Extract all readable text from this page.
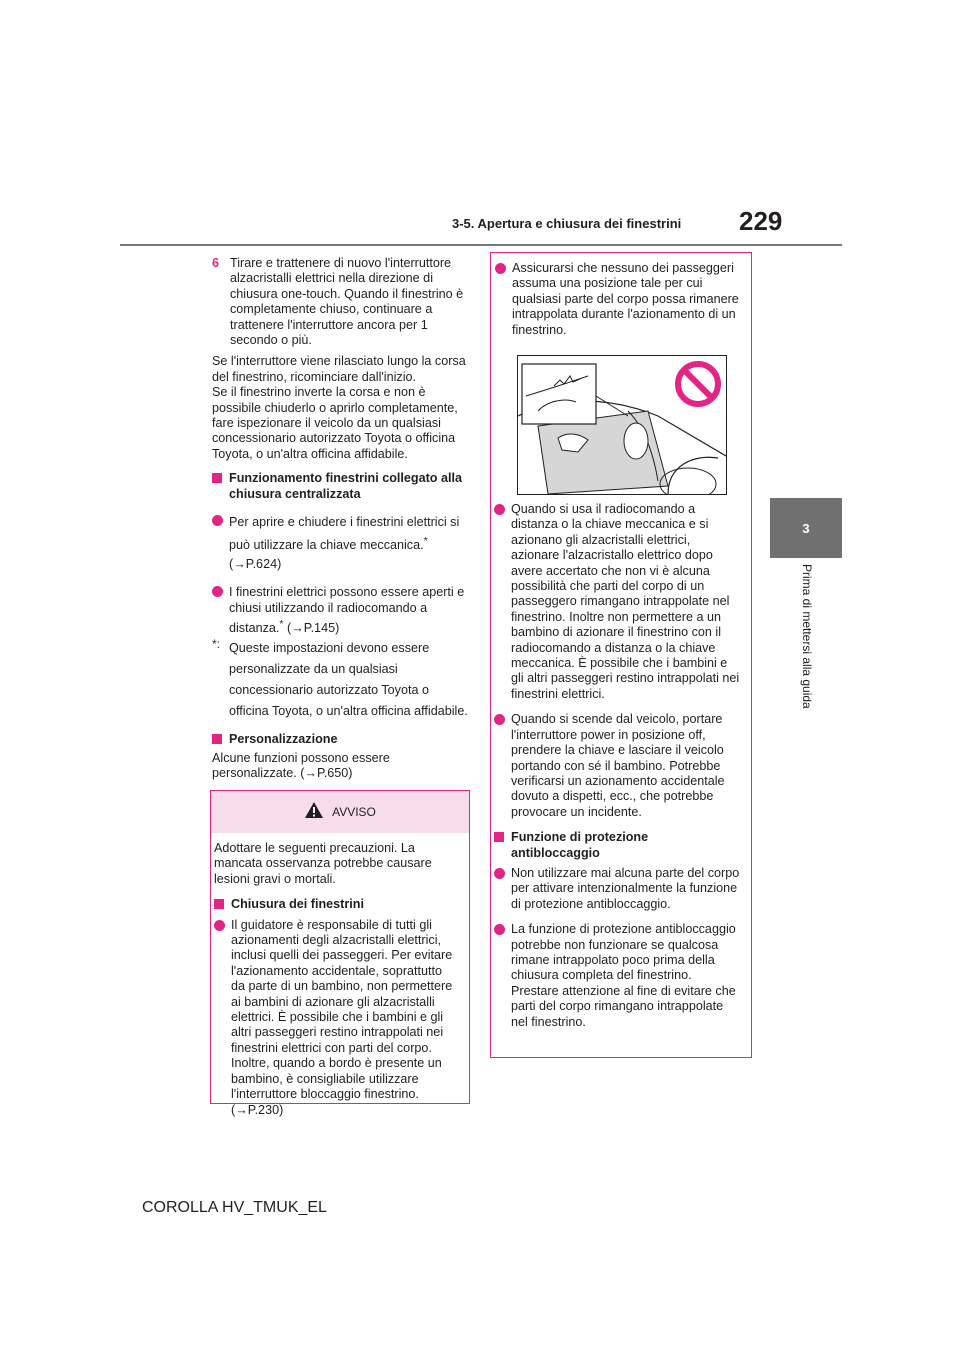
3-5. Apertura e chiusura dei finestrini 229
3
Prima di mettersi alla guida
6 Tirare e trattenere di nuovo l'interruttore alzacristalli elettrici nella direzione di chiusura one-touch. Quando il finestrino è completamente chiuso, continuare a trattenere l'interruttore ancora per 1 secondo o più.

Se l'interruttore viene rilasciato lungo la corsa del finestrino, ricominciare dall'inizio.

Se il finestrino inverte la corsa e non è possibile chiuderlo o aprirlo completamente, fare ispezionare il veicolo da un qualsiasi concessionario autorizzato Toyota o officina Toyota, o un'altra officina affidabile.

Funzionamento finestrini collegato alla chiusura centralizzata
Per aprire e chiudere i finestrini elettrici si può utilizzare la chiave meccanica.* (→P.624)
I finestrini elettrici possono essere aperti e chiusi utilizzando il radiocomando a distanza.* (→P.145)
*: Queste impostazioni devono essere personalizzate da un qualsiasi concessionario autorizzato Toyota o officina Toyota, o un'altra officina affidabile.
Personalizzazione

Alcune funzioni possono essere personalizzate. (→P.650)

AVVISO

Adottare le seguenti precauzioni. La mancata osservanza potrebbe causare lesioni gravi o mortali.

Chiusura dei finestrini
Il guidatore è responsabile di tutti gli azionamenti degli alzacristalli elettrici, inclusi quelli dei passeggeri. Per evitare l'azionamento accidentale, soprattutto da parte di un bambino, non permettere ai bambini di azionare gli alzacristalli elettrici. È possibile che i bambini e gli altri passeggeri restino intrappolati nei finestrini elettrici con parti del corpo. Inoltre, quando a bordo è presente un bambino, è consigliabile utilizzare l'interruttore bloccaggio finestrino. (→P.230)
Assicurarsi che nessuno dei passeggeri assuma una posizione tale per cui qualsiasi parte del corpo possa rimanere intrappolata durante l'azionamento di un finestrino.
Quando si usa il radiocomando a distanza o la chiave meccanica e si azionano gli alzacristalli elettrici, azionare l'alzacristallo elettrico dopo avere accertato che non vi è alcuna possibilità che parti del corpo di un passeggero rimangano intrappolate nel finestrino. Inoltre non permettere a un bambino di azionare il finestrino con il radiocomando a distanza o la chiave meccanica. È possibile che i bambini e gli altri passeggeri restino intrappolati nei finestrini elettrici.
Quando si scende dal veicolo, portare l'interruttore power in posizione off, prendere la chiave e lasciare il veicolo portando con sé il bambino. Potrebbe verificarsi un azionamento accidentale dovuto a dispetti, ecc., che potrebbe provocare un incidente.
Funzione di protezione antibloccaggio
Non utilizzare mai alcuna parte del corpo per attivare intenzionalmente la funzione di protezione antibloccaggio.
La funzione di protezione antibloccaggio potrebbe non funzionare se qualcosa rimane intrappolato poco prima della chiusura completa del finestrino. Prestare attenzione al fine di evitare che parti del corpo rimangano intrappolate nel finestrino.
COROLLA HV_TMUK_EL
